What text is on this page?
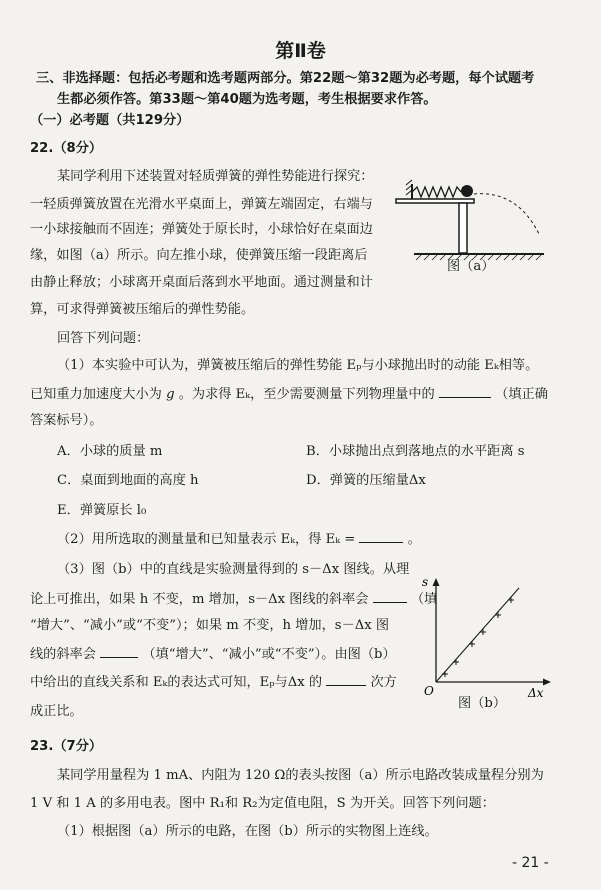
第Ⅱ卷
三、非选择题：包括必考题和选考题两部分。第22题～第32题为必考题，每个试题考
生都必须作答。第33题～第40题为选考题，考生根据要求作答。
（一）必考题（共129分）
22.（8分）
某同学利用下述装置对轻质弹簧的弹性势能进行探究：
一轻质弹簧放置在光滑水平桌面上，弹簧左端固定，右端与
一小球接触而不固连；弹簧处于原长时，小球恰好在桌面边
缘，如图（a）所示。向左推小球，使弹簧压缩一段距离后
由静止释放；小球离开桌面后落到水平地面。通过测量和计
算，可求得弹簧被压缩后的弹性势能。
回答下列问题：
图（a）
（1）本实验中可认为，弹簧被压缩后的弹性势能 Eₚ与小球抛出时的动能 Eₖ相等。
已知重力加速度大小为 g 。为求得 Eₖ，至少需要测量下列物理量中的	（填正确
答案标号）。
A．小球的质量 m	B．小球抛出点到落地点的水平距离 s
C．桌面到地面的高度 h	D．弹簧的压缩量Δx
E．弹簧原长 l₀
（2）用所选取的测量量和已知量表示 Eₖ，得 Eₖ =	。
（3）图（b）中的直线是实验测量得到的 s－Δx 图线。从理
论上可推出，如果 h 不变，m 增加，s－Δx 图线的斜率会	（填
“增大”、“减小”或“不变”）；如果 m 不变，h 增加，s－Δx 图
线的斜率会	（填“增大”、“减小”或“不变”）。由图（b）
中给出的直线关系和 Eₖ的表达式可知，Eₚ与Δx 的	次方
成正比。
s
O	Δx
图（b）
23.（7分）
某同学用量程为 1 mA、内阻为 120 Ω的表头按图（a）所示电路改装成量程分别为
1 V 和 1 A 的多用电表。图中 R₁和 R₂为定值电阻，S 为开关。回答下列问题：
（1）根据图（a）所示的电路，在图（b）所示的实物图上连线。
- 21 -
